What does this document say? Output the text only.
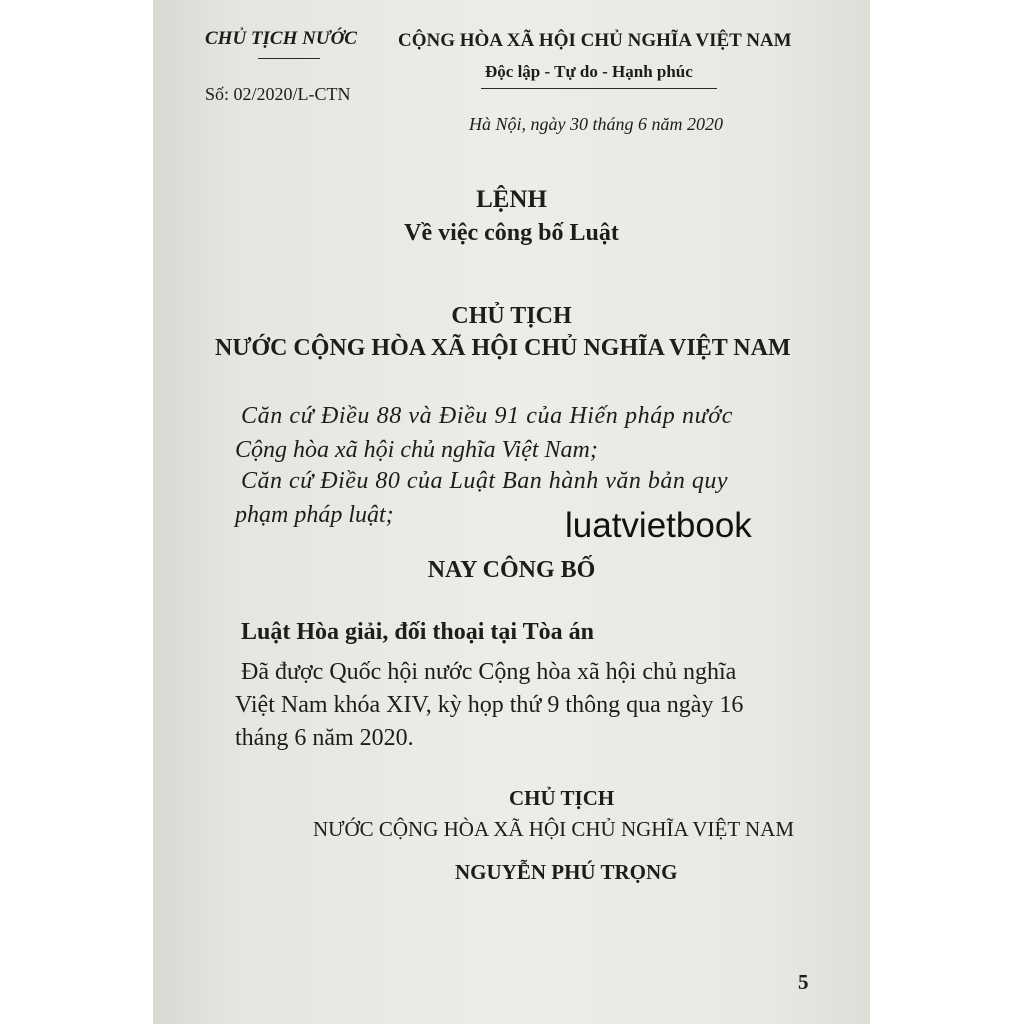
CHỦ TỊCH NƯỚC
Số: 02/2020/L-CTN
CỘNG HÒA XÃ HỘI CHỦ NGHĨA VIỆT NAM
Độc lập - Tự do - Hạnh phúc
Hà Nội, ngày 30 tháng 6 năm 2020
LỆNH
Về việc công bố Luật
CHỦ TỊCH
NƯỚC CỘNG HÒA XÃ HỘI CHỦ NGHĨA VIỆT NAM
Căn cứ Điều 88 và Điều 91 của Hiến pháp nước
Cộng hòa xã hội chủ nghĩa Việt Nam;
Căn cứ Điều 80 của Luật Ban hành văn bản quy
phạm pháp luật;	luatvietbook
NAY CÔNG BỐ
Luật Hòa giải, đối thoại tại Tòa án
Đã được Quốc hội nước Cộng hòa xã hội chủ nghĩa
Việt Nam khóa XIV, kỳ họp thứ 9 thông qua ngày 16
tháng 6 năm 2020.
CHỦ TỊCH
NƯỚC CỘNG HÒA XÃ HỘI CHỦ NGHĨA VIỆT NAM
NGUYỄN PHÚ TRỌNG
5
